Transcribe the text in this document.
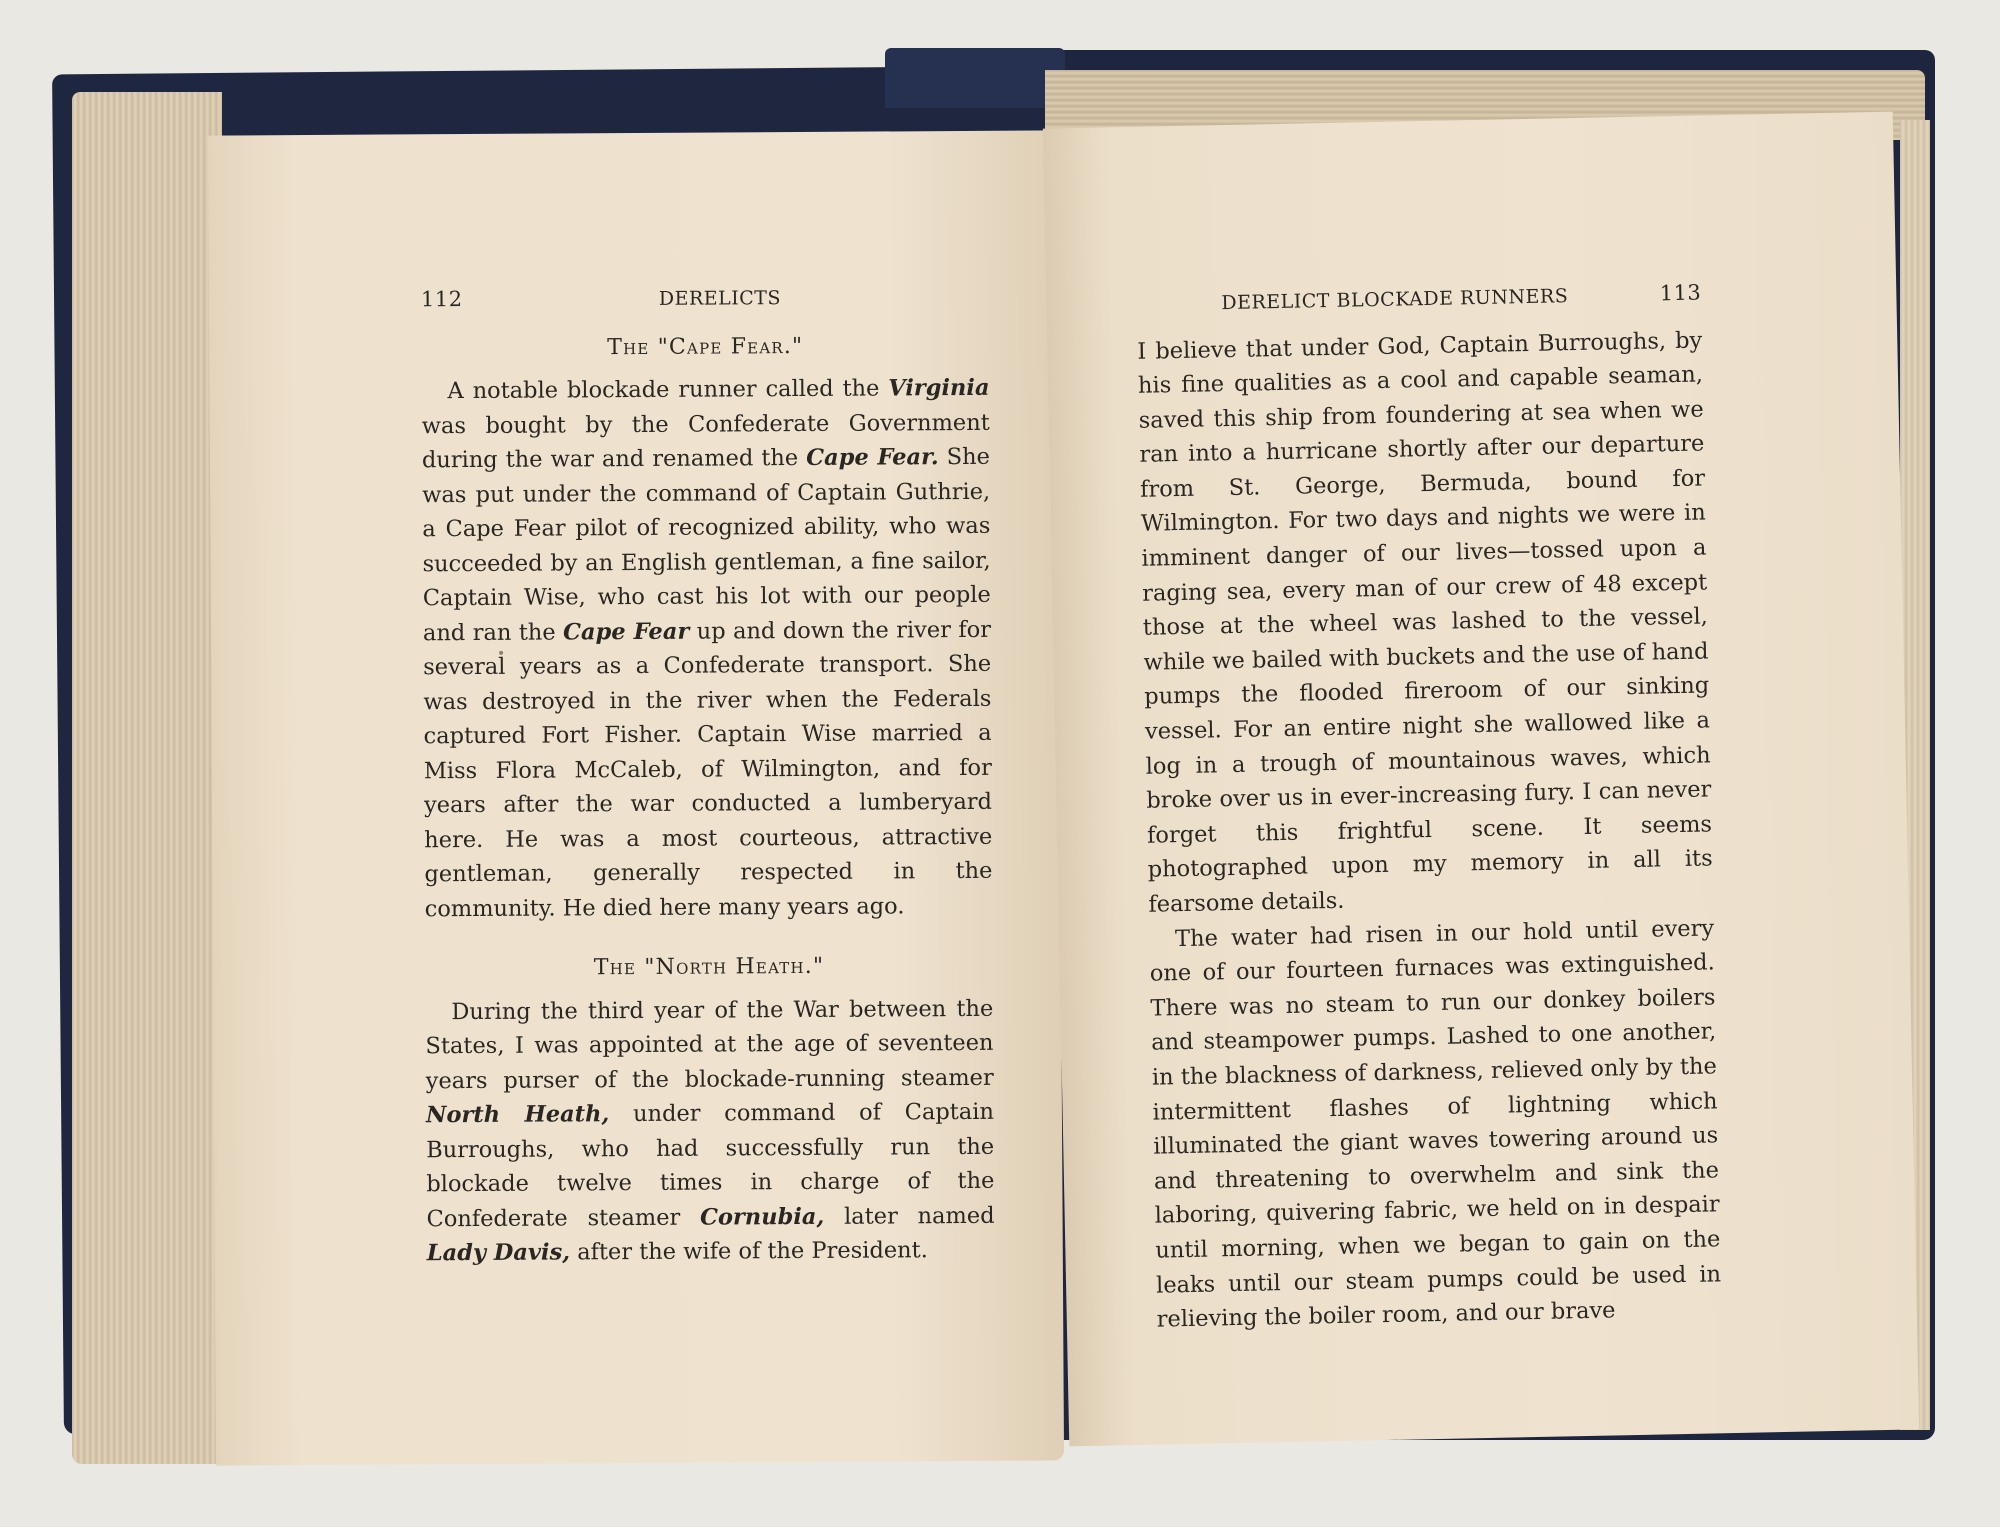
112	DERELICTS
The "Cape Fear."

A notable blockade runner called the Virginia was bought by the Confederate Government during the war and renamed the Cape Fear. She was put under the command of Captain Guthrie, a Cape Fear pilot of recognized ability, who was succeeded by an English gentleman, a fine sailor, Captain Wise, who cast his lot with our people and ran the Cape Fear up and down the river for several years as a Confederate transport. She was destroyed in the river when the Federals captured Fort Fisher. Captain Wise married a Miss Flora McCaleb, of Wilmington, and for years after the war conducted a lumberyard here. He was a most courteous, attractive gentleman, generally respected in the community. He died here many years ago.

The "North Heath."

During the third year of the War between the States, I was appointed at the age of seventeen years purser of the blockade-running steamer North Heath, under command of Captain Burroughs, who had successfully run the blockade twelve times in charge of the Confederate steamer Cornubia, later named Lady Davis, after the wife of the President.

DERELICT BLOCKADE RUNNERS	113

I believe that under God, Captain Burroughs, by his fine qualities as a cool and capable seaman, saved this ship from foundering at sea when we ran into a hurricane shortly after our departure from St. George, Bermuda, bound for Wilmington. For two days and nights we were in imminent danger of our lives—tossed upon a raging sea, every man of our crew of 48 except those at the wheel was lashed to the vessel, while we bailed with buckets and the use of hand pumps the flooded fireroom of our sinking vessel. For an entire night she wallowed like a log in a trough of mountainous waves, which broke over us in ever-increasing fury. I can never forget this frightful scene. It seems photographed upon my memory in all its fearsome details.

The water had risen in our hold until every one of our fourteen furnaces was extinguished. There was no steam to run our donkey boilers and steampower pumps. Lashed to one another, in the blackness of darkness, relieved only by the intermittent flashes of lightning which illuminated the giant waves towering around us and threatening to overwhelm and sink the laboring, quivering fabric, we held on in despair until morning, when we began to gain on the leaks until our steam pumps could be used in relieving the boiler room, and our brave
